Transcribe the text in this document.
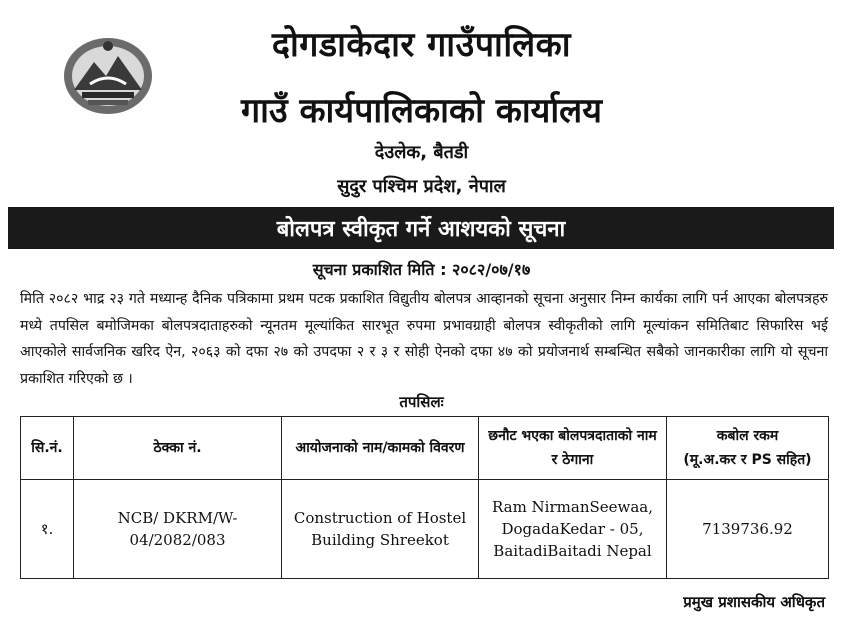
दोगडाकेदार गाउँपालिका
गाउँ कार्यपालिकाको कार्यालय
देउलेक, बैतडी
सुदुर पश्चिम प्रदेश, नेपाल
बोलपत्र स्वीकृत गर्ने आशयको सूचना
सूचना प्रकाशित मिति : २०८२/०७/१७
मिति २०८२ भाद्र २३ गते मध्यान्ह दैनिक पत्रिकामा प्रथम पटक प्रकाशित विद्युतीय बोलपत्र आव्हानको सूचना अनुसार निम्न कार्यका लागि पर्न आएका बोलपत्रहरु मध्ये तपसिल बमोजिमका बोलपत्रदाताहरुको न्यूनतम मूल्यांकित सारभूत रुपमा प्रभावग्राही बोलपत्र स्वीकृतीको लागि मूल्यांकन समितिबाट सिफारिस भई आएकोले सार्वजनिक खरिद ऐन, २०६३ को दफा २७ को उपदफा २ र ३ र सोही ऐनको दफा ४७ को प्रयोजनार्थ सम्बन्धित सबैको जानकारीका लागि यो सूचना प्रकाशित गरिएको छ ।
तपसिलः
सि.नं.	ठेक्का नं.	आयोजनाको नाम/कामको विवरण	छनौट भएका बोलपत्रदाताको नाम र ठेगाना	कबोल रकम
(मू.अ.कर र PS सहित)
१.	NCB/ DKRM/W-04/2082/083	Construction of Hostel Building Shreekot	Ram NirmanSeewaa, DogadaKedar - 05, BaitadiBaitadi Nepal	7139736.92
प्रमुख प्रशासकीय अधिकृत
